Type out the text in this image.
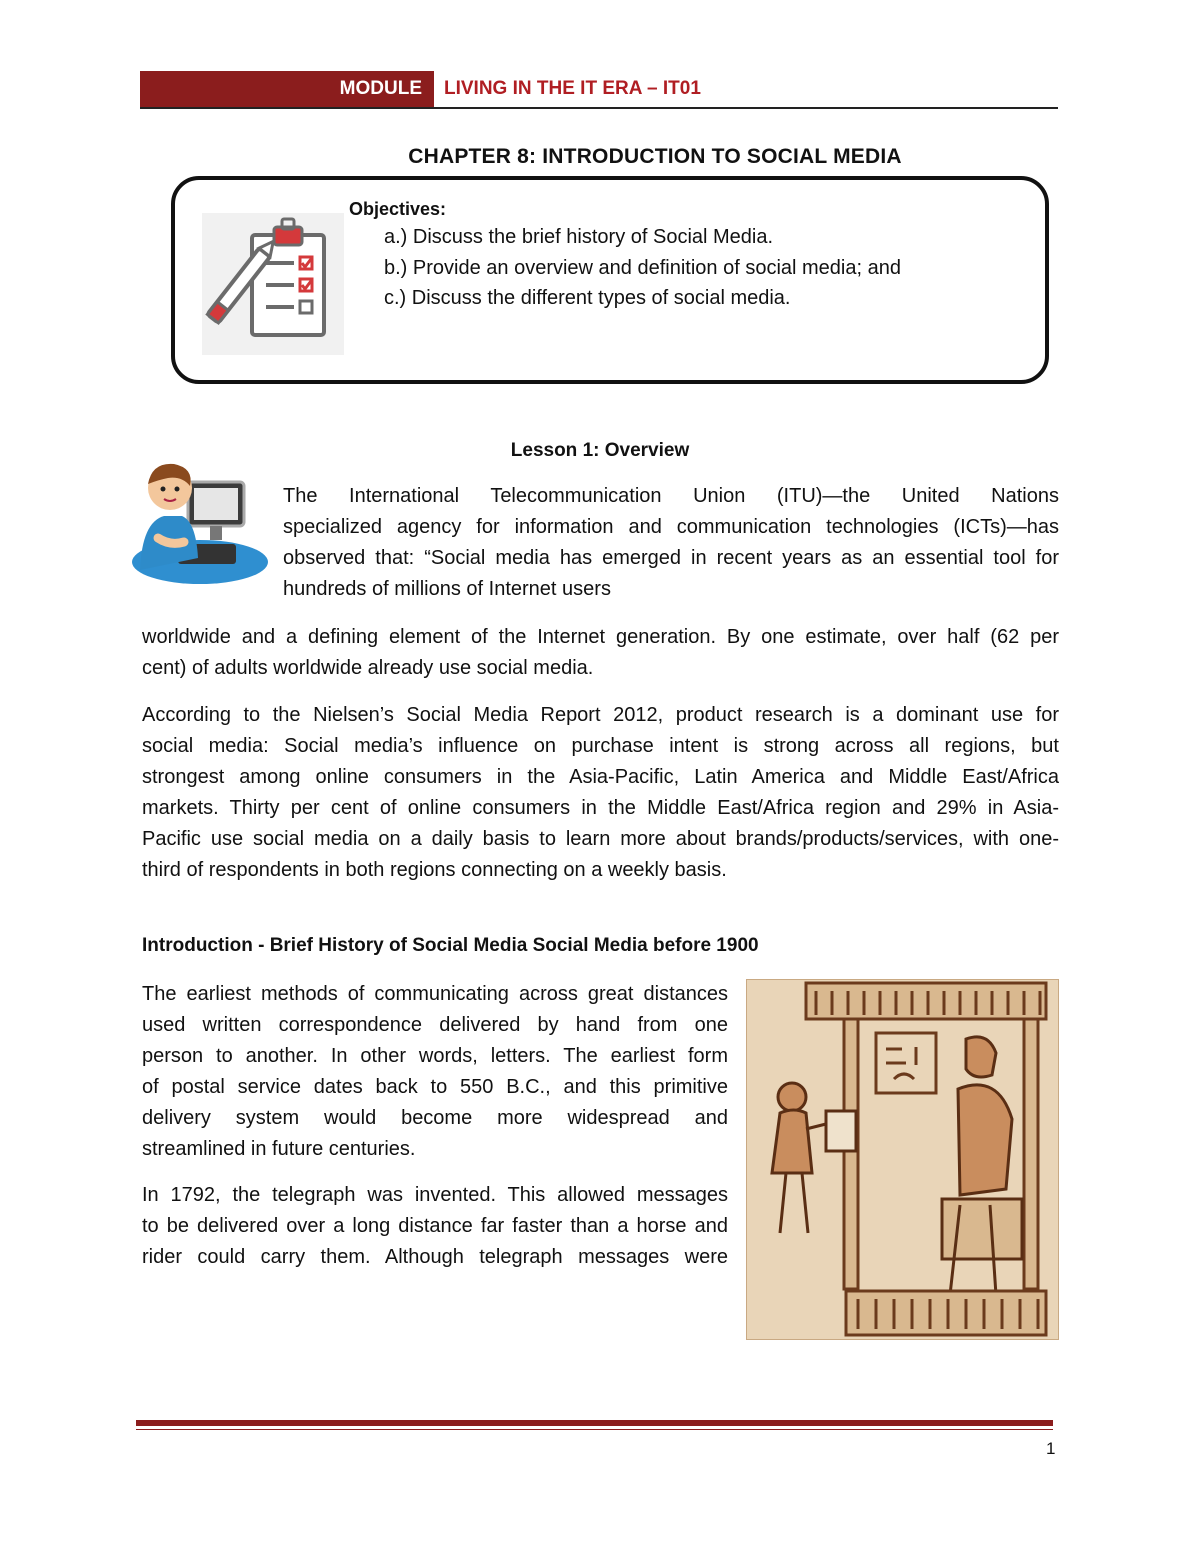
MODULE	LIVING IN THE IT ERA – IT01
CHAPTER 8: INTRODUCTION TO SOCIAL MEDIA
Objectives:
a.) Discuss the brief history of Social Media.
b.) Provide an overview and definition of social media; and
c.) Discuss the different types of social media.
Lesson 1: Overview
The International Telecommunication Union (ITU)—the United Nations
specialized agency for information and communication technologies (ICTs)—has
observed that: “Social media has emerged in recent years as an essential tool for
hundreds of millions of Internet users
worldwide and a defining element of the Internet generation. By one estimate, over half (62 per
cent) of adults worldwide already use social media.
According to the Nielsen’s Social Media Report 2012, product research is a dominant use for
social media: Social media’s influence on purchase intent is strong across all regions, but
strongest among online consumers in the Asia-Pacific, Latin America and Middle East/Africa
markets. Thirty per cent of online consumers in the Middle East/Africa region and 29% in Asia-
Pacific use social media on a daily basis to learn more about brands/products/services, with one-
third of respondents in both regions connecting on a weekly basis.
Introduction - Brief History of Social Media Social Media before 1900
The earliest methods of communicating across great distances
used written correspondence delivered by hand from one
person to another. In other words, letters. The earliest form
of postal service dates back to 550 B.C., and this primitive
delivery system would become more widespread and
streamlined in future centuries.
In 1792, the telegraph was invented. This allowed messages
to be delivered over a long distance far faster than a horse and
rider could carry them. Although telegraph messages were
1
